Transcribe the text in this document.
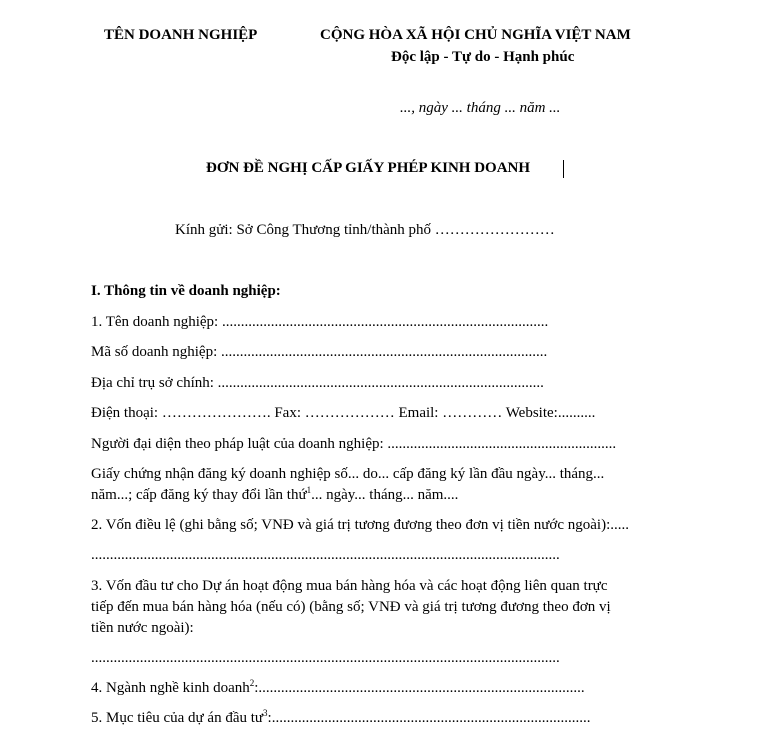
TÊN DOANH NGHIỆP	CỘNG HÒA XÃ HỘI CHỦ NGHĨA VIỆT NAM
Độc lập - Tự do - Hạnh phúc
..., ngày ... tháng ... năm ...
ĐƠN ĐỀ NGHỊ CẤP GIẤY PHÉP KINH DOANH
Kính gửi: Sở Công Thương tỉnh/thành phố ……………………
I. Thông tin về doanh nghiệp:
1. Tên doanh nghiệp: .......................................................................................
Mã số doanh nghiệp: .......................................................................................
Địa chỉ trụ sở chính: .......................................................................................
Điện thoại: …………………. Fax: ……………… Email: ………… Website:..........
Người đại diện theo pháp luật của doanh nghiệp: .............................................................
Giấy chứng nhận đăng ký doanh nghiệp số... do... cấp đăng ký lần đầu ngày... tháng...
năm...; cấp đăng ký thay đổi lần thứ$^1$... ngày... tháng... năm....
2. Vốn điều lệ (ghi bằng số; VNĐ và giá trị tương đương theo đơn vị tiền nước ngoài):.....
.............................................................................................................................
3. Vốn đầu tư cho Dự án hoạt động mua bán hàng hóa và các hoạt động liên quan trực
tiếp đến mua bán hàng hóa (nếu có) (bằng số; VNĐ và giá trị tương đương theo đơn vị
tiền nước ngoài):
.............................................................................................................................
4. Ngành nghề kinh doanh$^2$:.......................................................................................
5. Mục tiêu của dự án đầu $tư^3$:.....................................................................................
